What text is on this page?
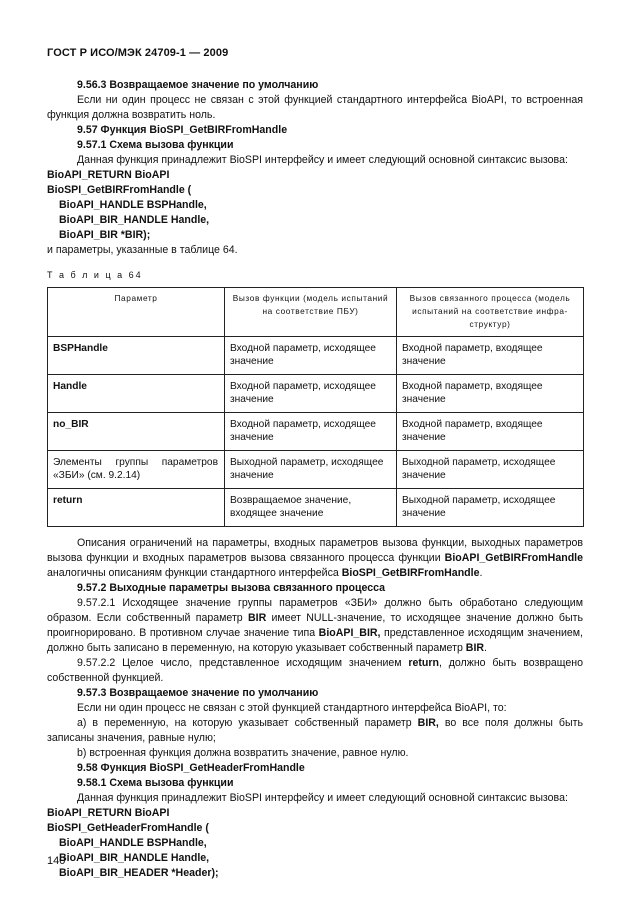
ГОСТ Р ИСО/МЭК 24709-1 — 2009

9.56.3 Возвращаемое значение по умолчанию

Если ни один процесс не связан с этой функцией стандартного интерфейса BioAPI, то встроенная функция должна возвратить ноль.

9.57 Функция BioSPI_GetBIRFromHandle

9.57.1 Схема вызова функции

Данная функция принадлежит BioSPI интерфейсу и имеет следующий основной синтаксис вызова:

BioAPI_RETURN BioAPI

BioSPI_GetBIRFromHandle (

BioAPI_HANDLE BSPHandle,

BioAPI_BIR_HANDLE Handle,

BioAPI_BIR *BIR);

и параметры, указанные в таблице 64.

Т а б л и ц а 64
Параметр	Вызов функции (модель испытаний на соответствие ПБУ)	Вызов связанного процесса (модель испытаний на соответствие инфра-структур)
BSPHandle	Входной параметр, исходящее значение	Входной параметр, входящее значение
Handle	Входной параметр, исходящее значение	Входной параметр, входящее значение
no_BIR	Входной параметр, исходящее значение	Входной параметр, входящее значение
Элементы группы параметров «ЗБИ» (см. 9.2.14)	Выходной параметр, исходящее значение	Выходной параметр, исходящее значение
return	Возвращаемое значение, входящее значение	Выходной параметр, исходящее значение

Описания ограничений на параметры, входных параметров вызова функции, выходных параметров вызова функции и входных параметров вызова связанного процесса функции BioAPI_GetBIRFromHandle аналогичны описаниям функции стандартного интерфейса BioSPI_GetBIRFromHandle.

9.57.2 Выходные параметры вызова связанного процесса

9.57.2.1 Исходящее значение группы параметров «ЗБИ» должно быть обработано следующим образом. Если собственный параметр BIR имеет NULL-значение, то исходящее значение должно быть проигнорировано. В противном случае значение типа BioAPI_BIR, представленное исходящим значением, должно быть записано в переменную, на которую указывает собственный параметр BIR.

9.57.2.2 Целое число, представленное исходящим значением return, должно быть возвращено собственной функцией.

9.57.3 Возвращаемое значение по умолчанию

Если ни один процесс не связан с этой функцией стандартного интерфейса BioAPI, то:

а) в переменную, на которую указывает собственный параметр BIR, во все поля должны быть записаны значения, равные нулю;

b) встроенная функция должна возвратить значение, равное нулю.

9.58 Функция BioSPI_GetHeaderFromHandle

9.58.1 Схема вызова функции

Данная функция принадлежит BioSPI интерфейсу и имеет следующий основной синтаксис вызова:

BioAPI_RETURN BioAPI

BioSPI_GetHeaderFromHandle (

BioAPI_HANDLE BSPHandle,

BioAPI_BIR_HANDLE Handle,

BioAPI_BIR_HEADER *Header);

140
